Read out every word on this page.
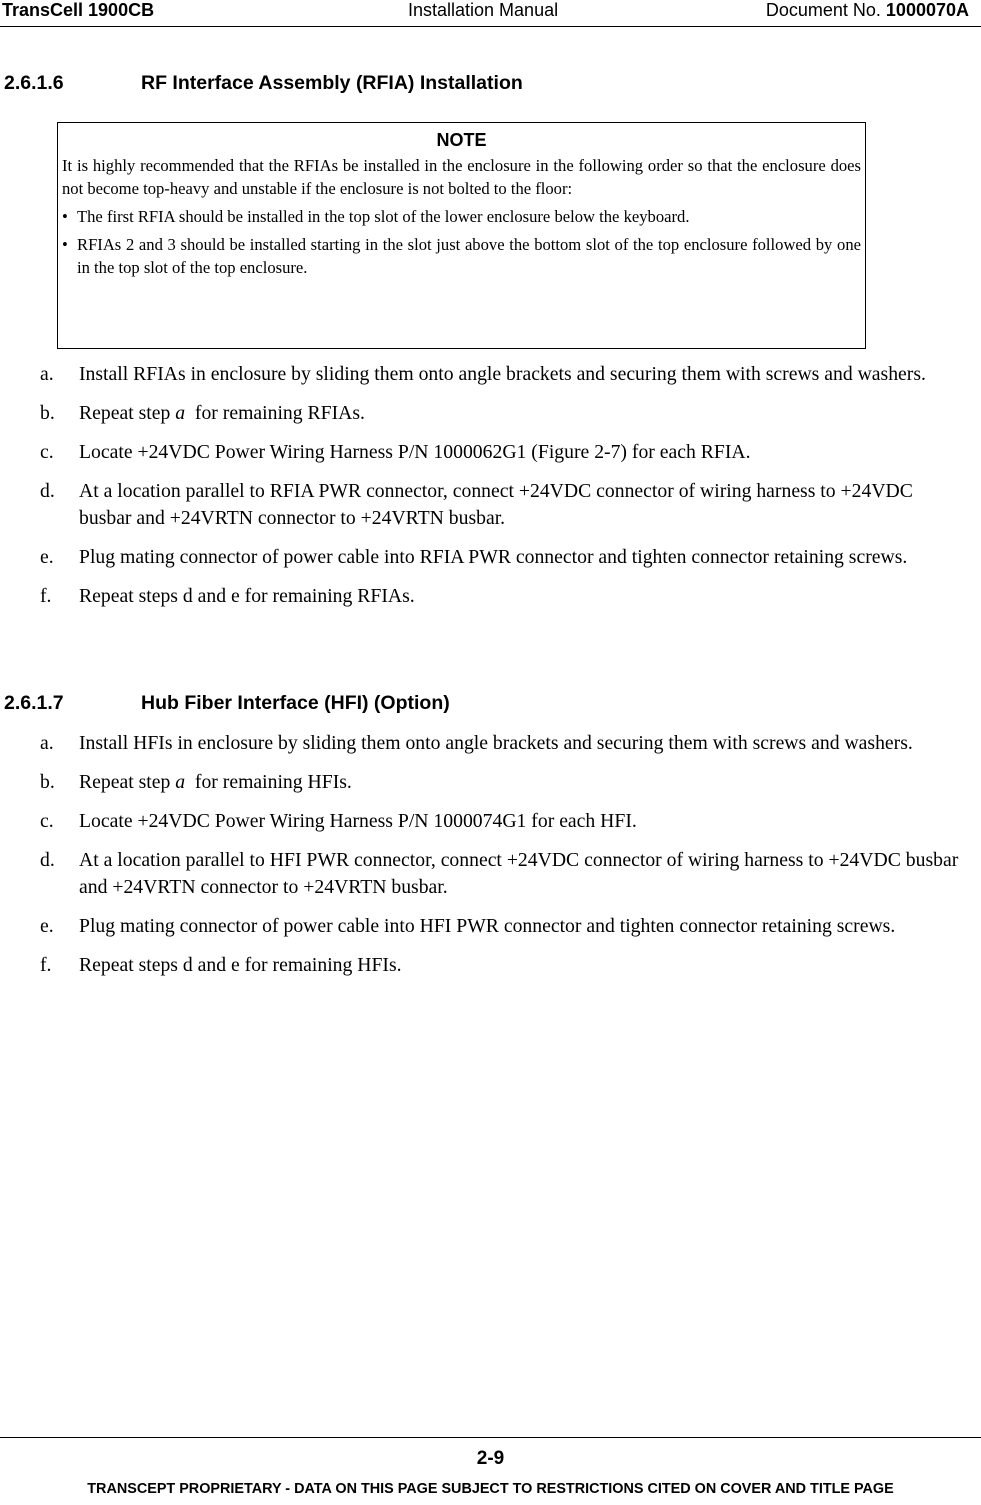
TransCell 1900CB	Installation Manual	Document No. 1000070A
2.6.1.6	RF Interface Assembly (RFIA) Installation
NOTE

It is highly recommended that the RFIAs be installed in the enclosure in the following order so that the enclosure does not become top-heavy and unstable if the enclosure is not bolted to the floor:

• The first RFIA should be installed in the top slot of the lower enclosure below the keyboard.
• RFIAs 2 and 3 should be installed starting in the slot just above the bottom slot of the top enclosure followed by one in the top slot of the top enclosure.
a. Install RFIAs in enclosure by sliding them onto angle brackets and securing them with screws and washers.
b. Repeat step a  for remaining RFIAs.
c. Locate +24VDC Power Wiring Harness P/N 1000062G1 (Figure 2-7) for each RFIA.
d. At a location parallel to RFIA PWR connector, connect +24VDC connector of wiring harness to +24VDC busbar and +24VRTN connector to +24VRTN busbar.
e. Plug mating connector of power cable into RFIA PWR connector and tighten connector retaining screws.
f. Repeat steps d and e for remaining RFIAs.
2.6.1.7	Hub Fiber Interface (HFI) (Option)
a. Install HFIs in enclosure by sliding them onto angle brackets and securing them with screws and washers.
b. Repeat step a  for remaining HFIs.
c. Locate +24VDC Power Wiring Harness P/N 1000074G1 for each HFI.
d. At a location parallel to HFI PWR connector, connect +24VDC connector of wiring harness to +24VDC busbar and +24VRTN connector to +24VRTN busbar.
e. Plug mating connector of power cable into HFI PWR connector and tighten connector retaining screws.
f. Repeat steps d and e for remaining HFIs.
2-9
TRANSCEPT PROPRIETARY - DATA ON THIS PAGE SUBJECT TO RESTRICTIONS CITED ON COVER AND TITLE PAGE
